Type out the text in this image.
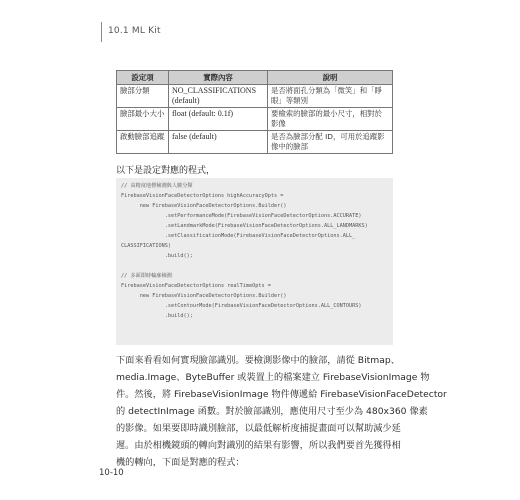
10.1 ML Kit
設定項	實際內容	說明
臉部分類	NO_CLASSIFICATIONS (default)	是否將面孔分類為「微笑」和「睜眼」等類別
臉部最小大小	float (default: 0.1f)	要檢索的臉部的最小尺寸，相對於影像
啟動臉部追蹤	false (default)	是否為臉部分配 ID，可用於追蹤影像中的臉部
以下是設定對應的程式，
// 高精度地標檢測與人臉分類
FirebaseVisionFaceDetectorOptions highAccuracyOpts =
new FirebaseVisionFaceDetectorOptions.Builder()
.setPerformanceMode(FirebaseVisionFaceDetectorOptions.ACCURATE)
.setLandmarkMode(FirebaseVisionFaceDetectorOptions.ALL_LANDMARKS)
.setClassificationMode(FirebaseVisionFaceDetectorOptions.ALL_
CLASSIFICATIONS)
.build();

// 多面即時輪廓檢測
FirebaseVisionFaceDetectorOptions realTimeOpts =
new FirebaseVisionFaceDetectorOptions.Builder()
.setContourMode(FirebaseVisionFaceDetectorOptions.ALL_CONTOURS)
.build();
下面來看看如何實現臉部識別。要檢測影像中的臉部，請從 Bitmap、
media.Image、ByteBuffer 或裝置上的檔案建立 FirebaseVisionImage 物
件。然後，將 FirebaseVisionImage 物件傳遞給 FirebaseVisionFaceDetector
的 detectInImage 函數。對於臉部識別，應使用尺寸至少為 480x360 像素
的影像。如果要即時識別臉部，以最低解析度捕捉畫面可以幫助減少延
遲。由於相機鏡頭的轉向對識別的結果有影響，所以我們要首先獲得相
機的轉向，下面是對應的程式：
10-10
